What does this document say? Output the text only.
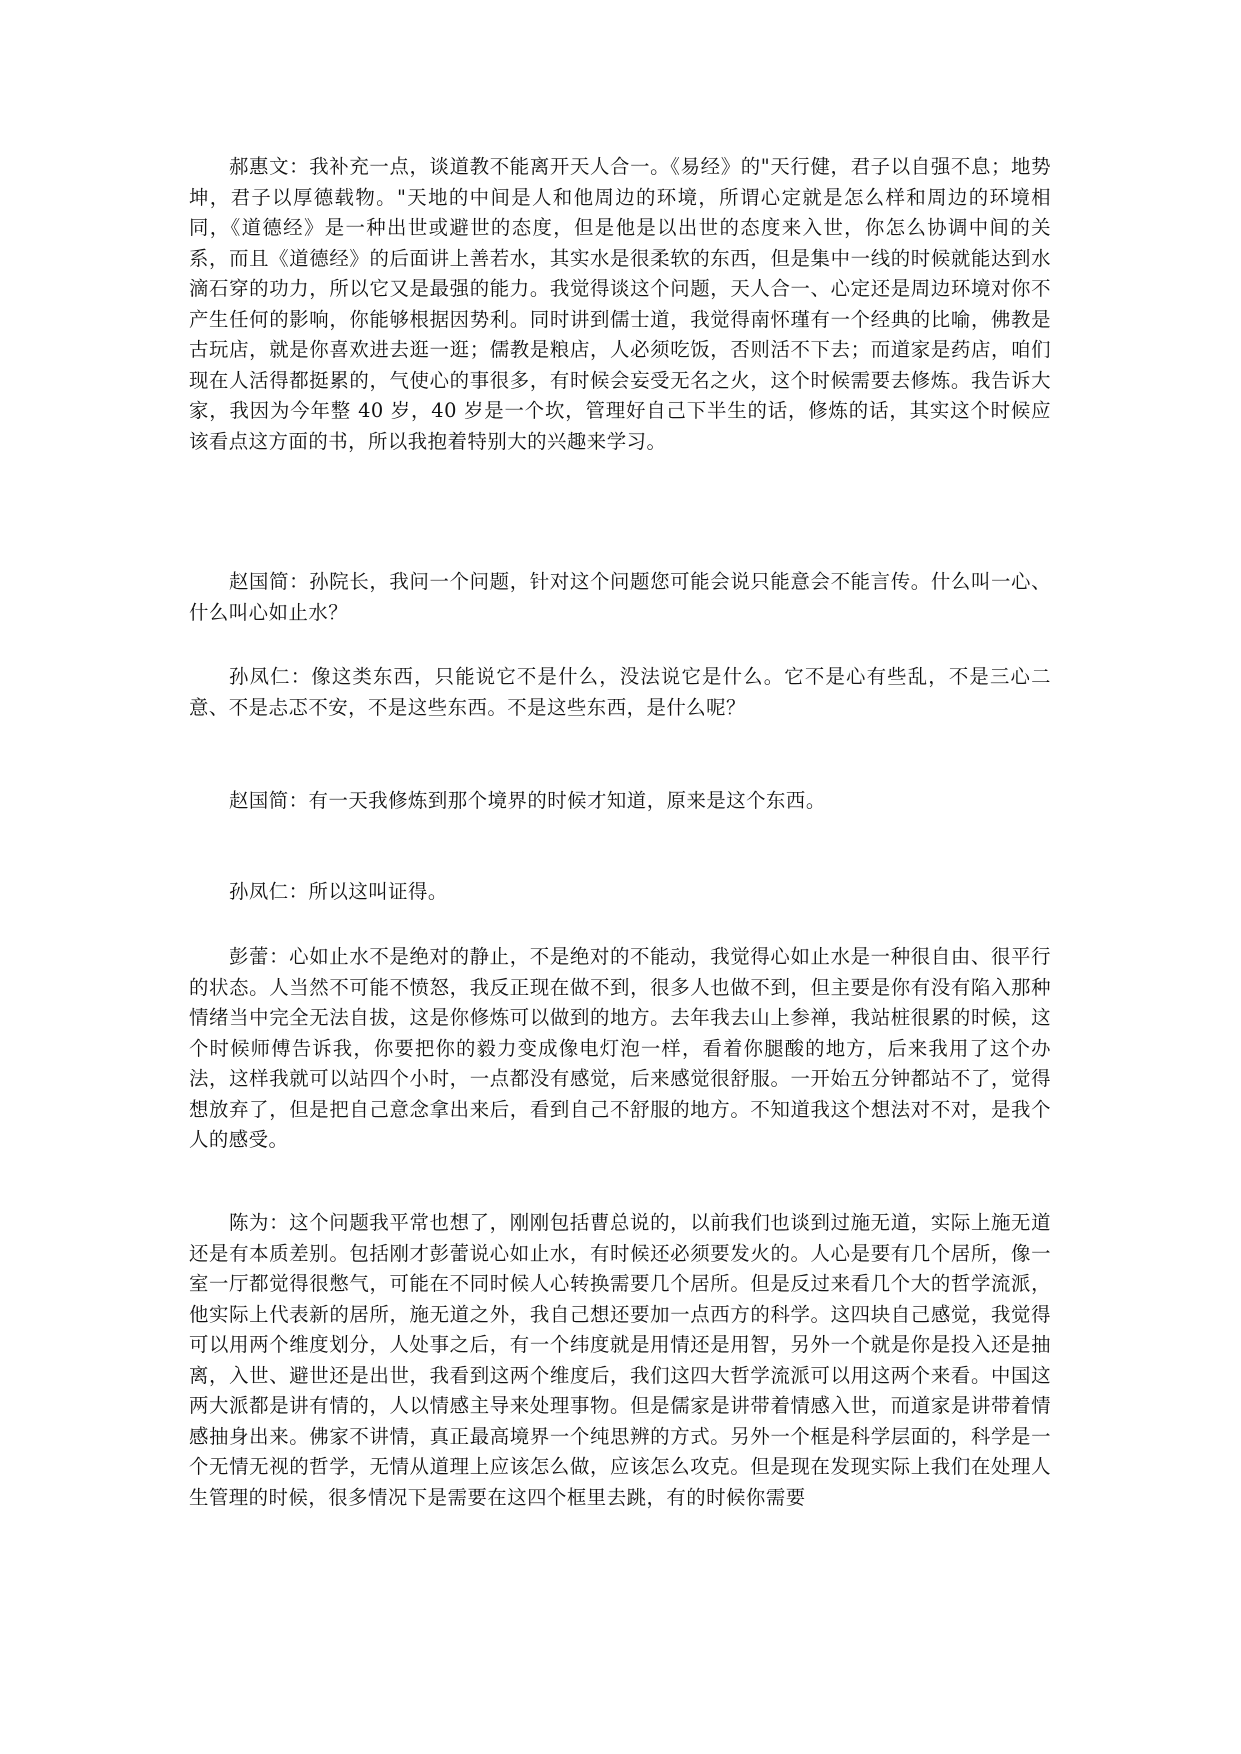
郝惠文：我补充一点，谈道教不能离开天人合一。《易经》的"天行健，君子以自强不息；地势坤，君子以厚德载物。"天地的中间是人和他周边的环境，所谓心定就是怎么样和周边的环境相同，《道德经》是一种出世或避世的态度，但是他是以出世的态度来入世，你怎么协调中间的关系，而且《道德经》的后面讲上善若水，其实水是很柔软的东西，但是集中一线的时候就能达到水滴石穿的功力，所以它又是最强的能力。我觉得谈这个问题，天人合一、心定还是周边环境对你不产生任何的影响，你能够根据因势利。同时讲到儒士道，我觉得南怀瑾有一个经典的比喻，佛教是古玩店，就是你喜欢进去逛一逛；儒教是粮店，人必须吃饭，否则活不下去；而道家是药店，咱们现在人活得都挺累的，气使心的事很多，有时候会妄受无名之火，这个时候需要去修炼。我告诉大家，我因为今年整 40 岁，40 岁是一个坎，管理好自己下半生的话，修炼的话，其实这个时候应该看点这方面的书，所以我抱着特别大的兴趣来学习。

赵国简：孙院长，我问一个问题，针对这个问题您可能会说只能意会不能言传。什么叫一心、什么叫心如止水？

孙凤仁：像这类东西，只能说它不是什么，没法说它是什么。它不是心有些乱，不是三心二意、不是忐忑不安，不是这些东西。不是这些东西，是什么呢？

赵国简：有一天我修炼到那个境界的时候才知道，原来是这个东西。

孙凤仁：所以这叫证得。

彭蕾：心如止水不是绝对的静止，不是绝对的不能动，我觉得心如止水是一种很自由、很平行的状态。人当然不可能不愤怒，我反正现在做不到，很多人也做不到，但主要是你有没有陷入那种情绪当中完全无法自拔，这是你修炼可以做到的地方。去年我去山上参禅，我站桩很累的时候，这个时候师傅告诉我，你要把你的毅力变成像电灯泡一样，看着你腿酸的地方，后来我用了这个办法，这样我就可以站四个小时，一点都没有感觉，后来感觉很舒服。一开始五分钟都站不了，觉得想放弃了，但是把自己意念拿出来后，看到自己不舒服的地方。不知道我这个想法对不对，是我个人的感受。

陈为：这个问题我平常也想了，刚刚包括曹总说的，以前我们也谈到过施无道，实际上施无道还是有本质差别。包括刚才彭蕾说心如止水，有时候还必须要发火的。人心是要有几个居所，像一室一厅都觉得很憋气，可能在不同时候人心转换需要几个居所。但是反过来看几个大的哲学流派，他实际上代表新的居所，施无道之外，我自己想还要加一点西方的科学。这四块自己感觉，我觉得可以用两个维度划分，人处事之后，有一个纬度就是用情还是用智，另外一个就是你是投入还是抽离，入世、避世还是出世，我看到这两个维度后，我们这四大哲学流派可以用这两个来看。中国这两大派都是讲有情的，人以情感主导来处理事物。但是儒家是讲带着情感入世，而道家是讲带着情感抽身出来。佛家不讲情，真正最高境界一个纯思辨的方式。另外一个框是科学层面的，科学是一个无情无视的哲学，无情从道理上应该怎么做，应该怎么攻克。但是现在发现实际上我们在处理人生管理的时候，很多情况下是需要在这四个框里去跳，有的时候你需要
